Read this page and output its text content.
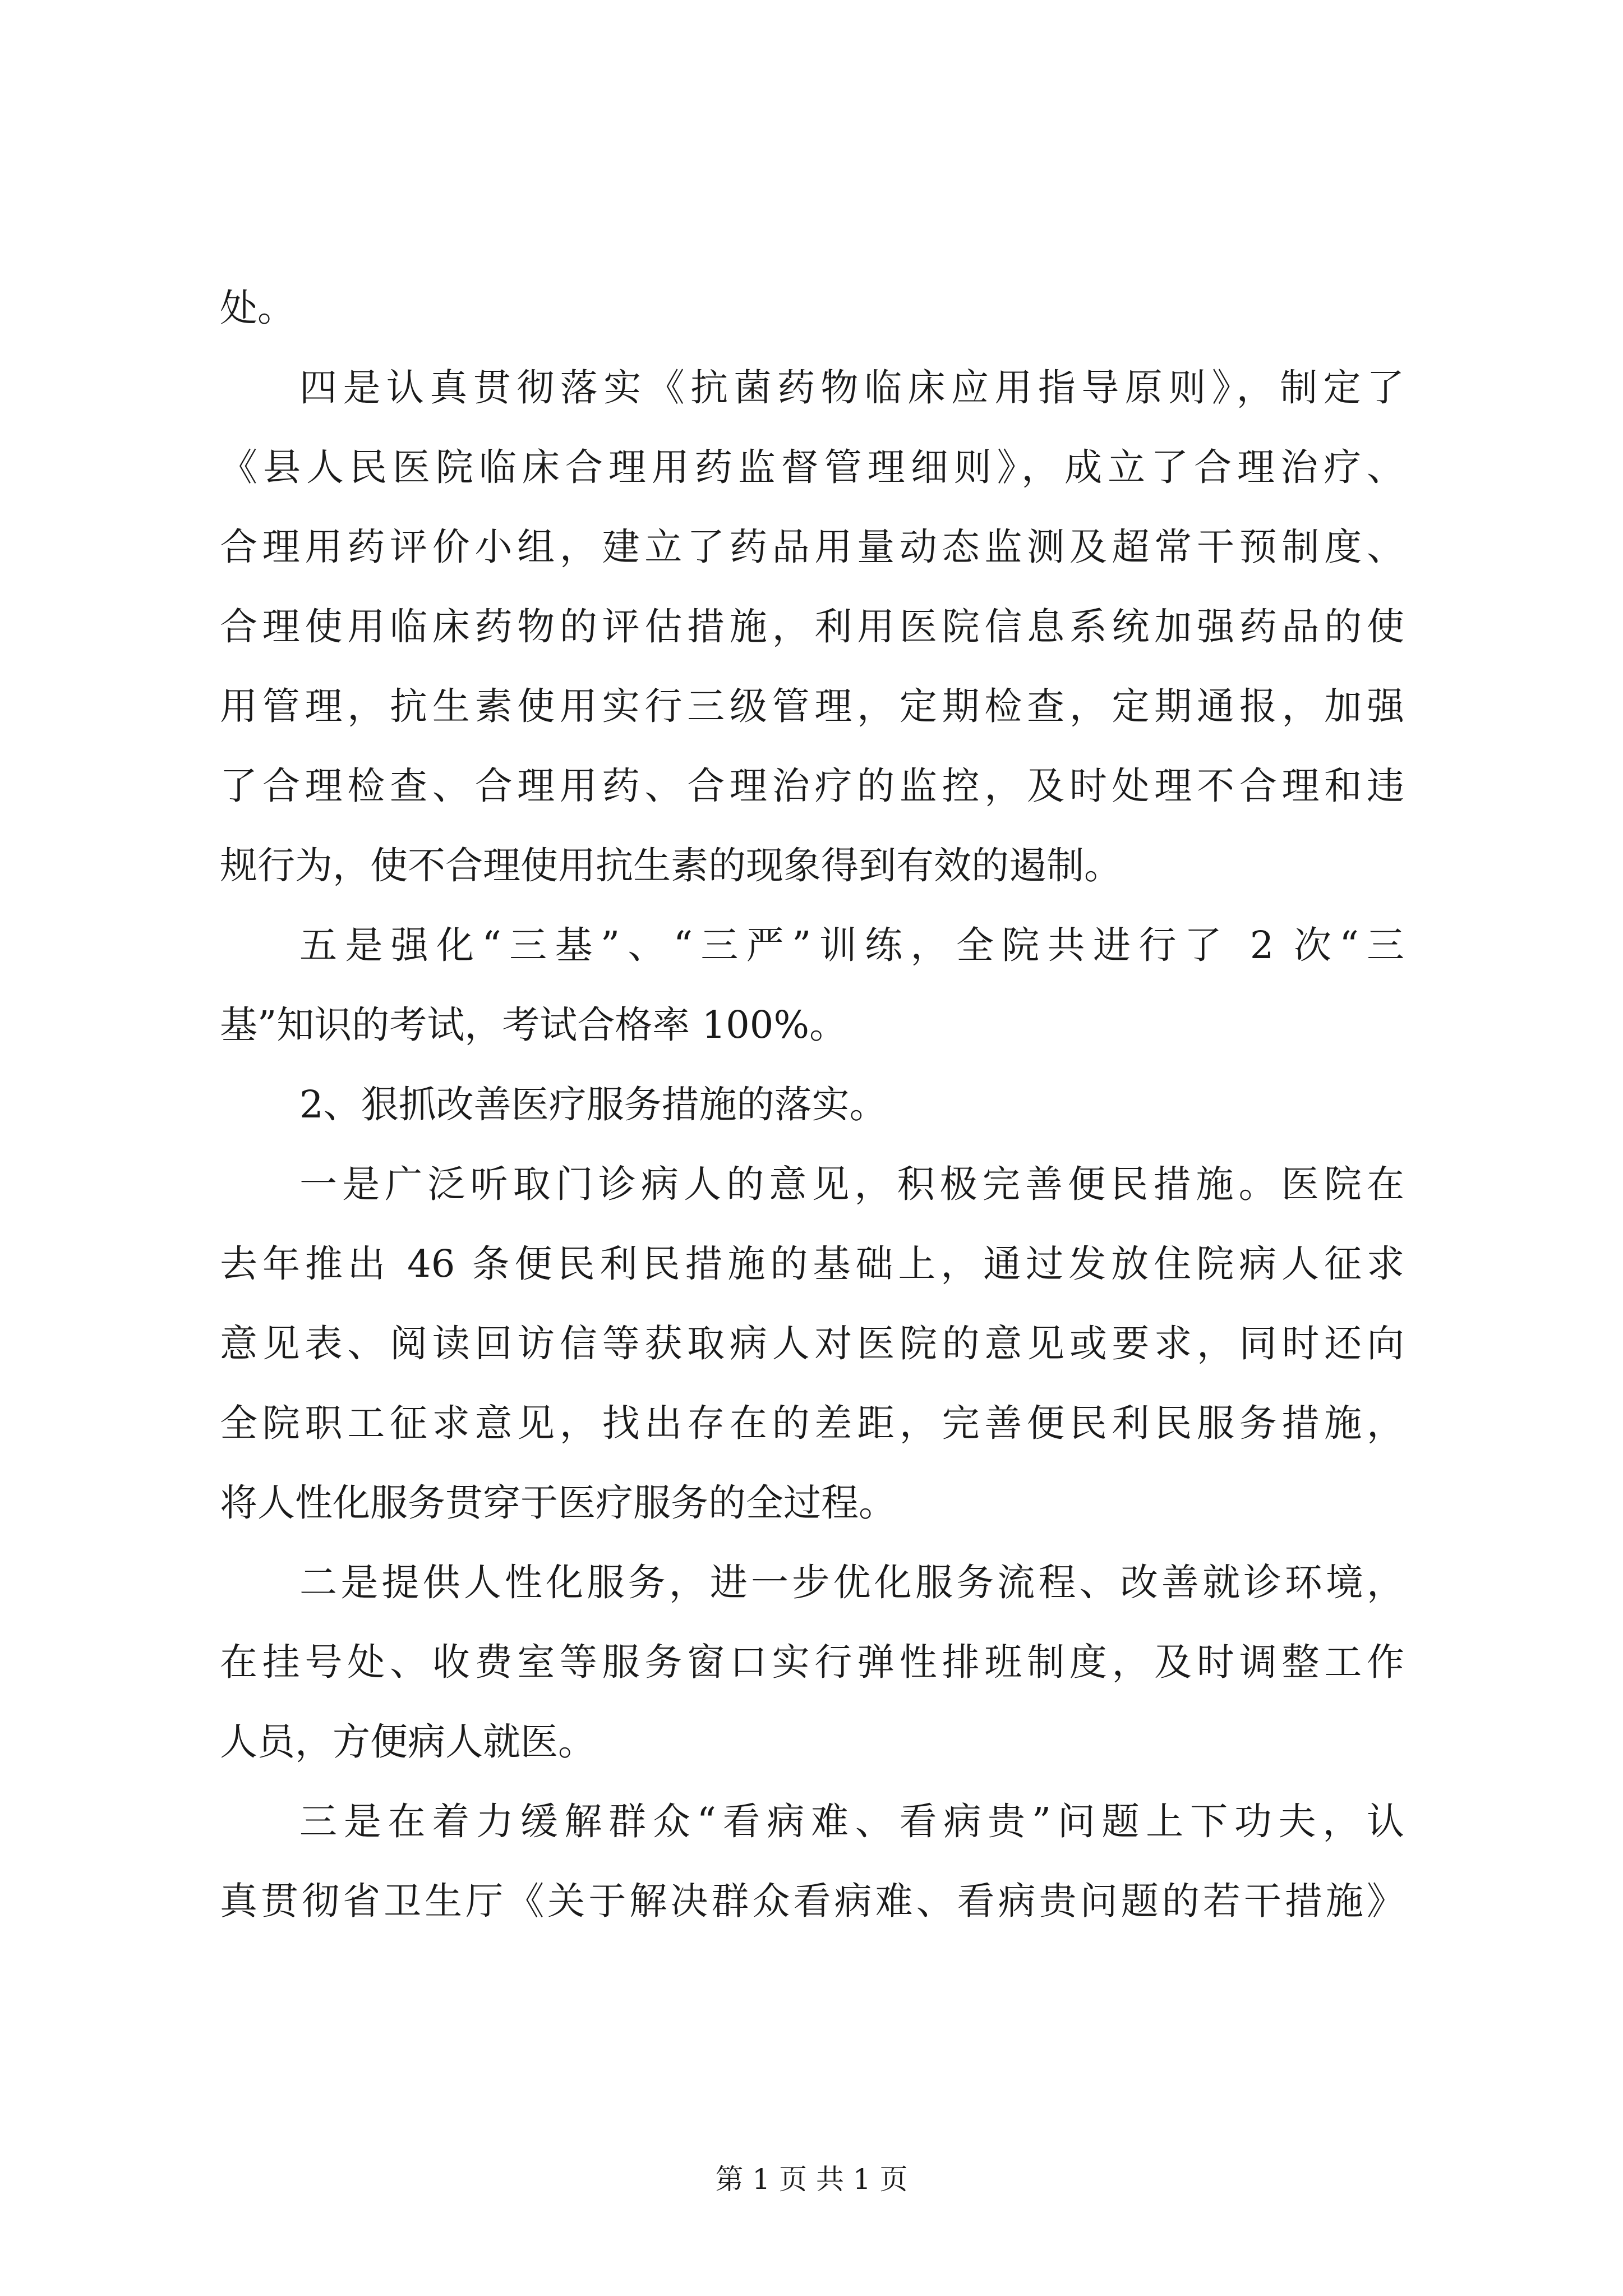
处。
四是认真贯彻落实《抗菌药物临床应用指导原则》，制定了
《县人民医院临床合理用药监督管理细则》，成立了合理治疗、
合理用药评价小组，建立了药品用量动态监测及超常干预制度、
合理使用临床药物的评估措施，利用医院信息系统加强药品的使
用管理，抗生素使用实行三级管理，定期检查，定期通报，加强
了合理检查、合理用药、合理治疗的监控，及时处理不合理和违
规行为，使不合理使用抗生素的现象得到有效的遏制。
五是强化“三基”、“三严”训练，全院共进行了 2 次“三
基”知识的考试，考试合格率 100%。
2、狠抓改善医疗服务措施的落实。
一是广泛听取门诊病人的意见，积极完善便民措施。医院在
去年推出 46 条便民利民措施的基础上，通过发放住院病人征求
意见表、阅读回访信等获取病人对医院的意见或要求，同时还向
全院职工征求意见，找出存在的差距，完善便民利民服务措施，
将人性化服务贯穿于医疗服务的全过程。
二是提供人性化服务，进一步优化服务流程、改善就诊环境，
在挂号处、收费室等服务窗口实行弹性排班制度，及时调整工作
人员，方便病人就医。
三是在着力缓解群众“看病难、看病贵”问题上下功夫，认
真贯彻省卫生厅《关于解决群众看病难、看病贵问题的若干措施》
第 1 页 共 1 页
